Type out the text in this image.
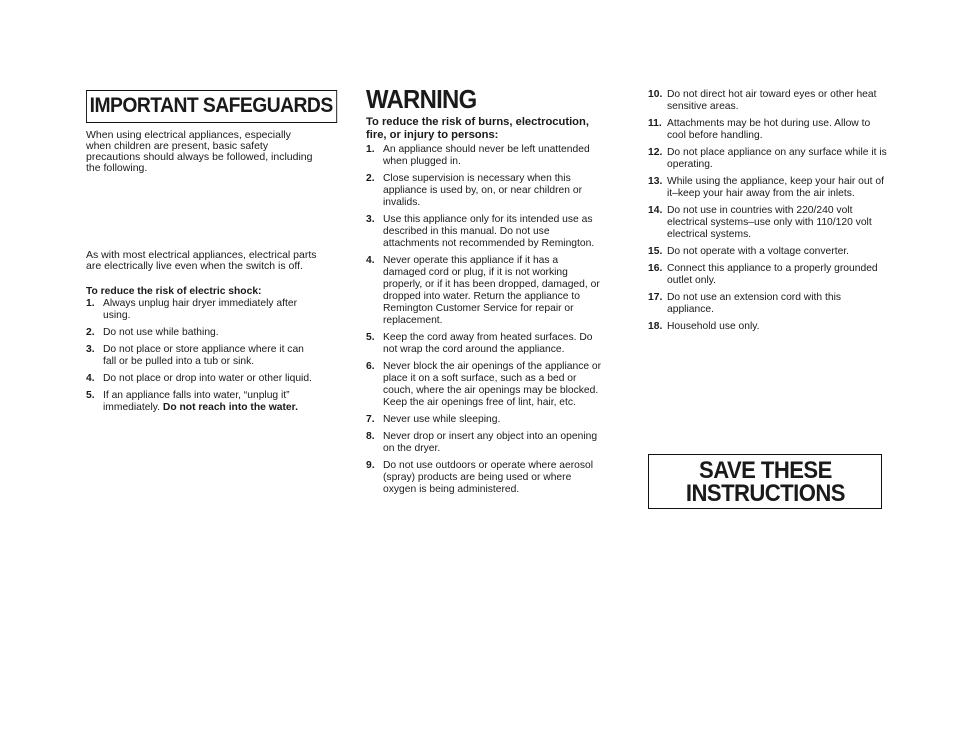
IMPORTANT SAFEGUARDS

When using electrical appliances, especially when children are present, basic safety precautions should always be followed, including the following.

As with most electrical appliances, electrical parts are electrically live even when the switch is off.

To reduce the risk of electric shock:

1. Always unplug hair dryer immediately after using.
2. Do not use while bathing.
3. Do not place or store appliance where it can fall or be pulled into a tub or sink.
4. Do not place or drop into water or other liquid.
5. If an appliance falls into water, “unplug it” immediately. Do not reach into the water.
WARNING

To reduce the risk of burns, electrocution, fire, or injury to persons:

1. An appliance should never be left unattended when plugged in.
2. Close supervision is necessary when this appliance is used by, on, or near children or invalids.
3. Use this appliance only for its intended use as described in this manual. Do not use attachments not recommended by Remington.
4. Never operate this appliance if it has a damaged cord or plug, if it is not working properly, or if it has been dropped, damaged, or dropped into water. Return the appliance to Remington Customer Service for repair or replacement.
5. Keep the cord away from heated surfaces. Do not wrap the cord around the appliance.
6. Never block the air openings of the appliance or place it on a soft surface, such as a bed or couch, where the air openings may be blocked. Keep the air openings free of lint, hair, etc.
7. Never use while sleeping.
8. Never drop or insert any object into an opening on the dryer.
9. Do not use outdoors or operate where aerosol (spray) products are being used or where oxygen is being administered.
10. Do not direct hot air toward eyes or other heat sensitive areas.
11. Attachments may be hot during use. Allow to cool before handling.
12. Do not place appliance on any surface while it is operating.
13. While using the appliance, keep your hair out of it–keep your hair away from the air inlets.
14. Do not use in countries with 220/240 volt electrical systems–use only with 110/120 volt electrical systems.
15. Do not operate with a voltage converter.
16. Connect this appliance to a properly grounded outlet only.
17. Do not use an extension cord with this appliance.
18. Household use only.
SAVE THESE
INSTRUCTIONS
